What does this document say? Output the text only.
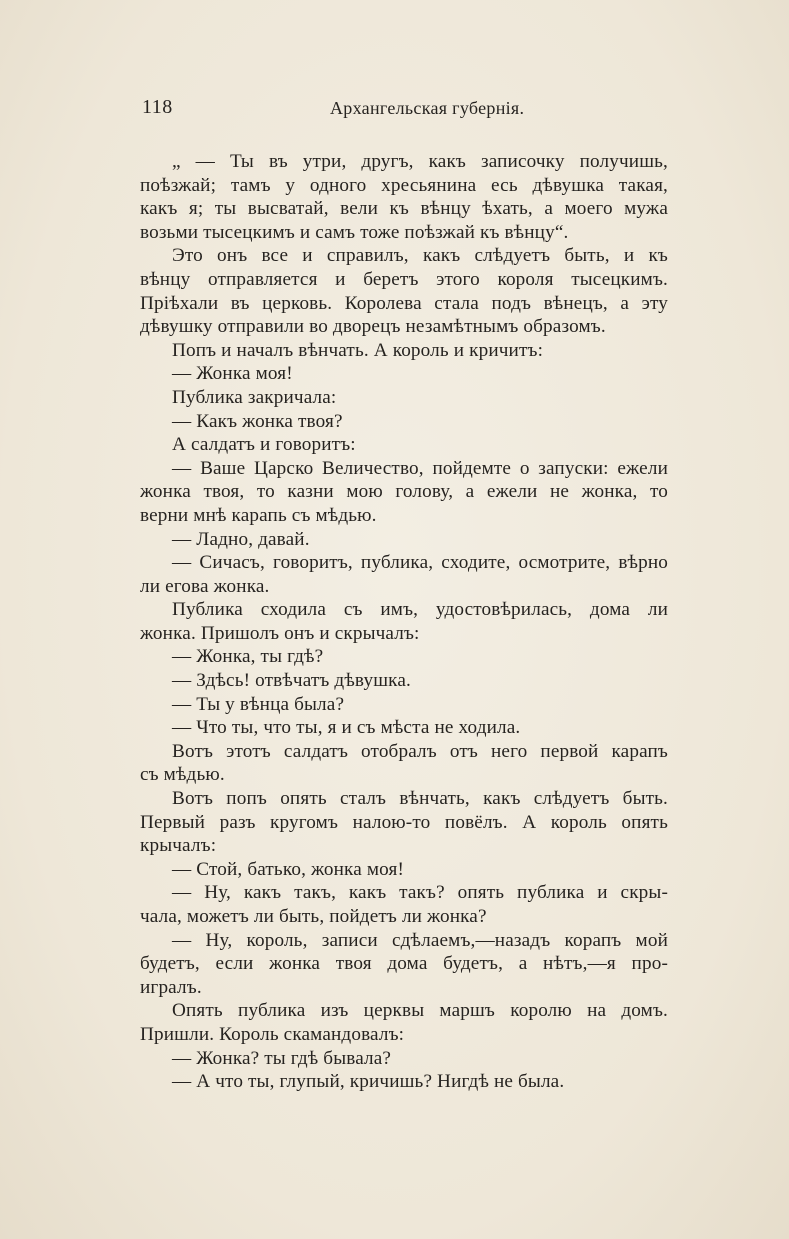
118	Архангельская губернія.
„ — Ты въ утри, другъ, какъ записочку получишь,
поѣзжай; тамъ у одного хресьянина есь дѣвушка такая,
какъ я; ты высватай, вели къ вѣнцу ѣхать, а моего мужа
возьми тысецкимъ и самъ тоже поѣзжай къ вѣнцу“.
Это онъ все и справилъ, какъ слѣдуетъ быть, и къ
вѣнцу отправляется и беретъ этого короля тысецкимъ.
Пріѣхали въ церковь. Королева стала подъ вѣнецъ, а эту
дѣвушку отправили во дворецъ незамѣтнымъ образомъ.
Попъ и началъ вѣнчать. А король и кричитъ:
— Жонка моя!
Публика закричала:
— Какъ жонка твоя?
А салдатъ и говоритъ:
— Ваше Царско Величество, пойдемте о запуски: ежели
жонка твоя, то казни мою голову, а ежели не жонка, то
верни мнѣ карапь съ мѣдью.
— Ладно, давай.
— Сичасъ, говоритъ, публика, сходите, осмотрите, вѣрно
ли егова жонка.
Публика сходила съ имъ, удостовѣрилась, дома ли
жонка. Пришолъ онъ и скрычалъ:
— Жонка, ты гдѣ?
— Здѣсь! отвѣчатъ дѣвушка.
— Ты у вѣнца была?
— Что ты, что ты, я и съ мѣста не ходила.
Вотъ этотъ салдатъ отобралъ отъ него первой карапъ
съ мѣдью.
Вотъ попъ опять сталъ вѣнчать, какъ слѣдуетъ быть.
Первый разъ кругомъ налою-то повёлъ. А король опять
крычалъ:
— Стой, батько, жонка моя!
— Ну, какъ такъ, какъ такъ? опять публика и скры-
чала, можетъ ли быть, пойдетъ ли жонка?
— Ну, король, записи сдѣлаемъ,—назадъ корапъ мой
будетъ, если жонка твоя дома будетъ, а нѣтъ,—я про-
игралъ.
Опять публика изъ церквы маршъ королю на домъ.
Пришли. Король скамандовалъ:
— Жонка? ты гдѣ бывала?
— А что ты, глупый, кричишь? Нигдѣ не была.
